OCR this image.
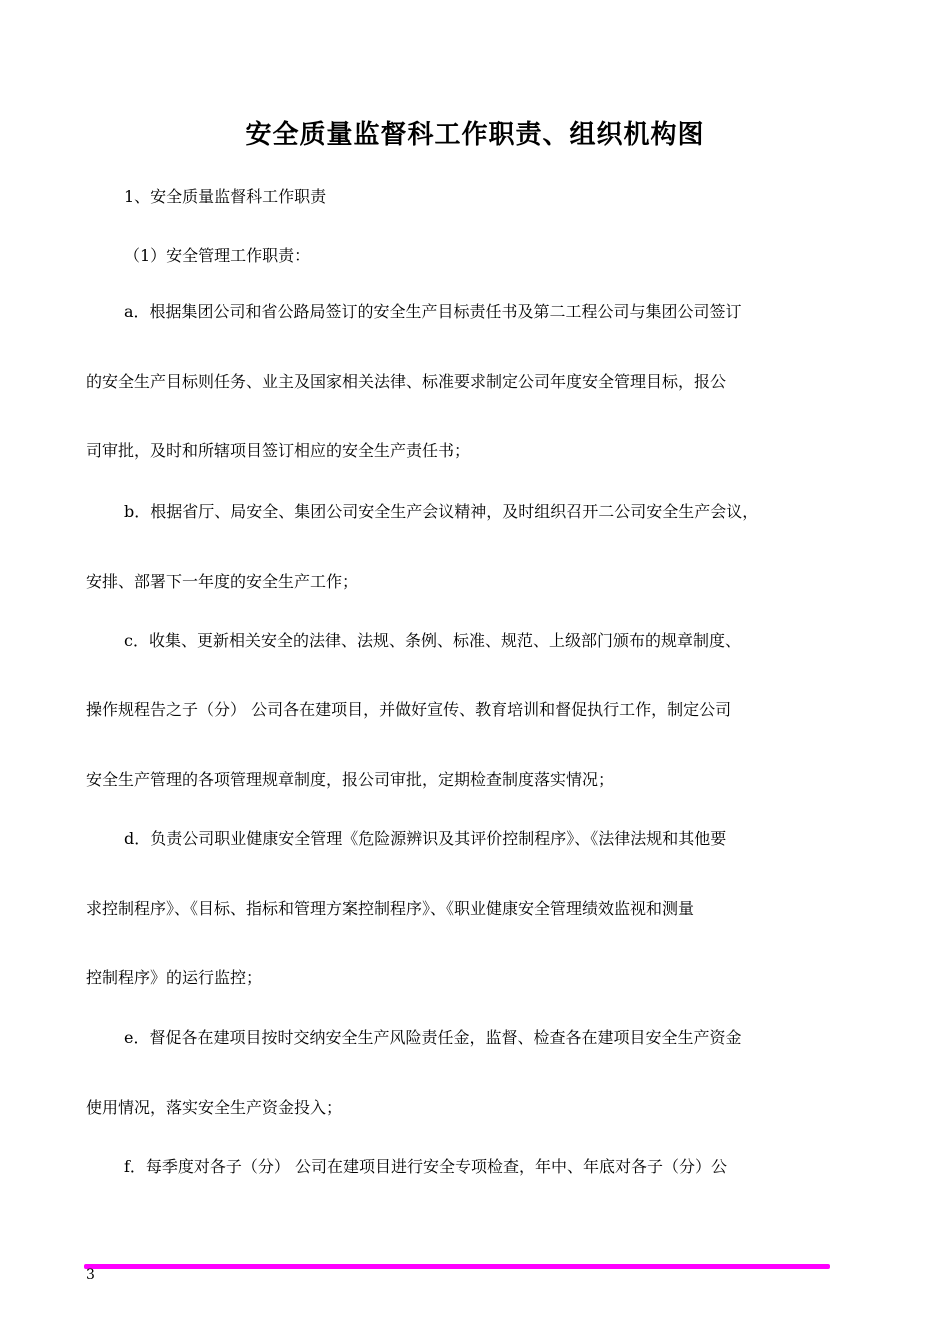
安全质量监督科工作职责、组织机构图
1、安全质量监督科工作职责
（1）安全管理工作职责：
a．根据集团公司和省公路局签订的安全生产目标责任书及第二工程公司与集团公司签订
的安全生产目标则任务、业主及国家相关法律、标准要求制定公司年度安全管理目标，报公
司审批，及时和所辖项目签订相应的安全生产责任书；
b．根据省厅、局安全、集团公司安全生产会议精神，及时组织召开二公司安全生产会议，
安排、部署下一年度的安全生产工作；
c．收集、更新相关安全的法律、法规、条例、标准、规范、上级部门颁布的规章制度、
操作规程告之子（分） 公司各在建项目，并做好宣传、教育培训和督促执行工作，制定公司
安全生产管理的各项管理规章制度，报公司审批，定期检查制度落实情况；
d．负责公司职业健康安全管理《危险源辨识及其评价控制程序》、《法律法规和其他要
求控制程序》、《目标、指标和管理方案控制程序》、《职业健康安全管理绩效监视和测量
控制程序》的运行监控；
e．督促各在建项目按时交纳安全生产风险责任金，监督、检查各在建项目安全生产资金
使用情况，落实安全生产资金投入；
f．每季度对各子（分） 公司在建项目进行安全专项检查，年中、年底对各子（分）公
3
